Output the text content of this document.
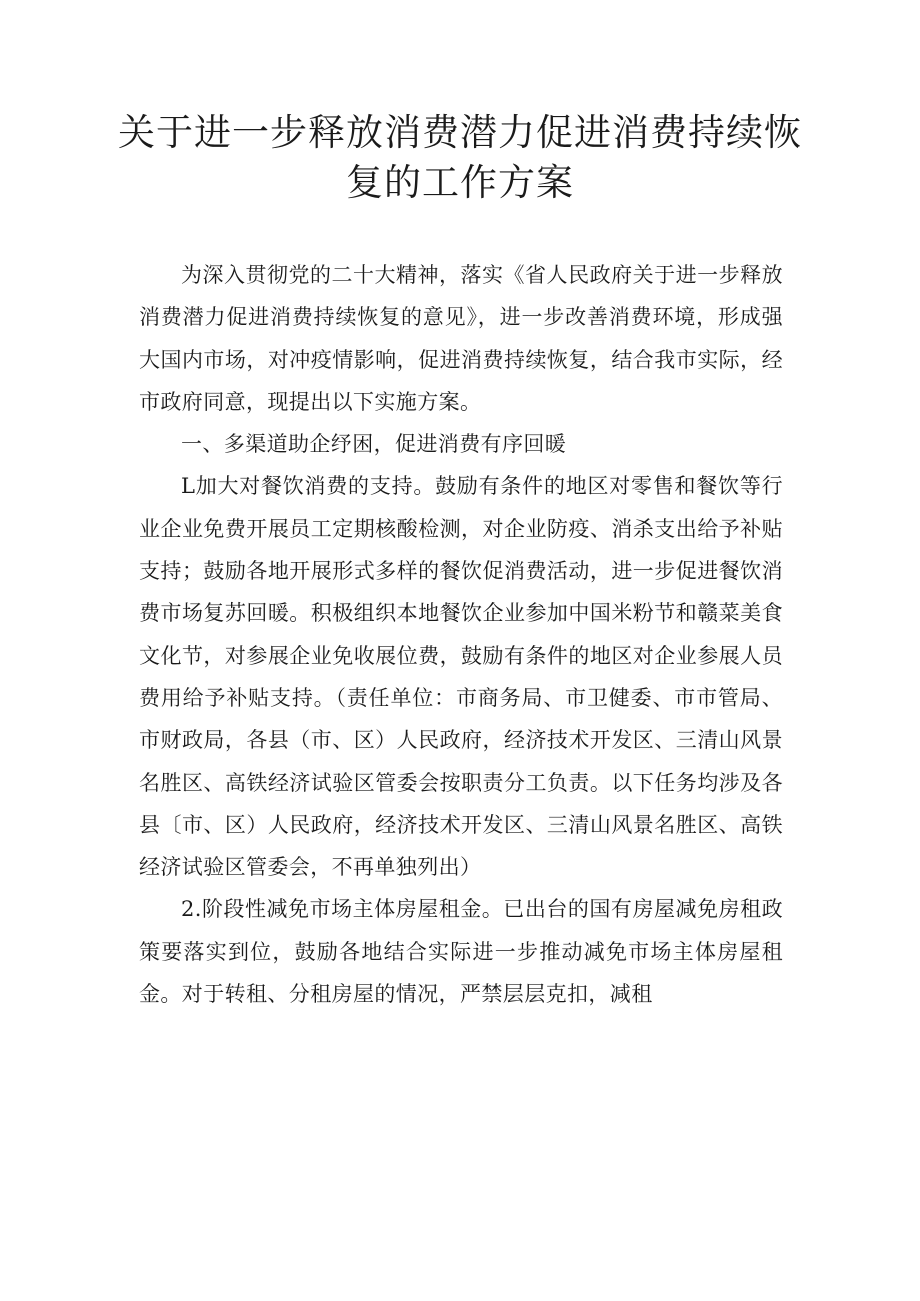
关于进一步释放消费潜力促进消费持续恢
复的工作方案

为深入贯彻党的二十大精神，落实《省人民政府关于进一步释放消费潜力促进消费持续恢复的意见》，进一步改善消费环境，形成强大国内市场，对冲疫情影响，促进消费持续恢复，结合我市实际，经市政府同意，现提出以下实施方案。

一、多渠道助企纾困，促进消费有序回暖

L加大对餐饮消费的支持。鼓励有条件的地区对零售和餐饮等行业企业免费开展员工定期核酸检测，对企业防疫、消杀支出给予补贴支持；鼓励各地开展形式多样的餐饮促消费活动，进一步促进餐饮消费市场复苏回暖。积极组织本地餐饮企业参加中国米粉节和赣菜美食文化节，对参展企业免收展位费，鼓励有条件的地区对企业参展人员费用给予补贴支持。（责任单位：市商务局、市卫健委、市市管局、市财政局，各县（市、区）人民政府，经济技术开发区、三清山风景名胜区、高铁经济试验区管委会按职责分工负责。以下任务均涉及各县〔市、区）人民政府，经济技术开发区、三清山风景名胜区、高铁经济试验区管委会，不再单独列出）

2.阶段性减免市场主体房屋租金。已出台的国有房屋减免房租政策要落实到位，鼓励各地结合实际进一步推动减免市场主体房屋租金。对于转租、分租房屋的情况，严禁层层克扣，减租
